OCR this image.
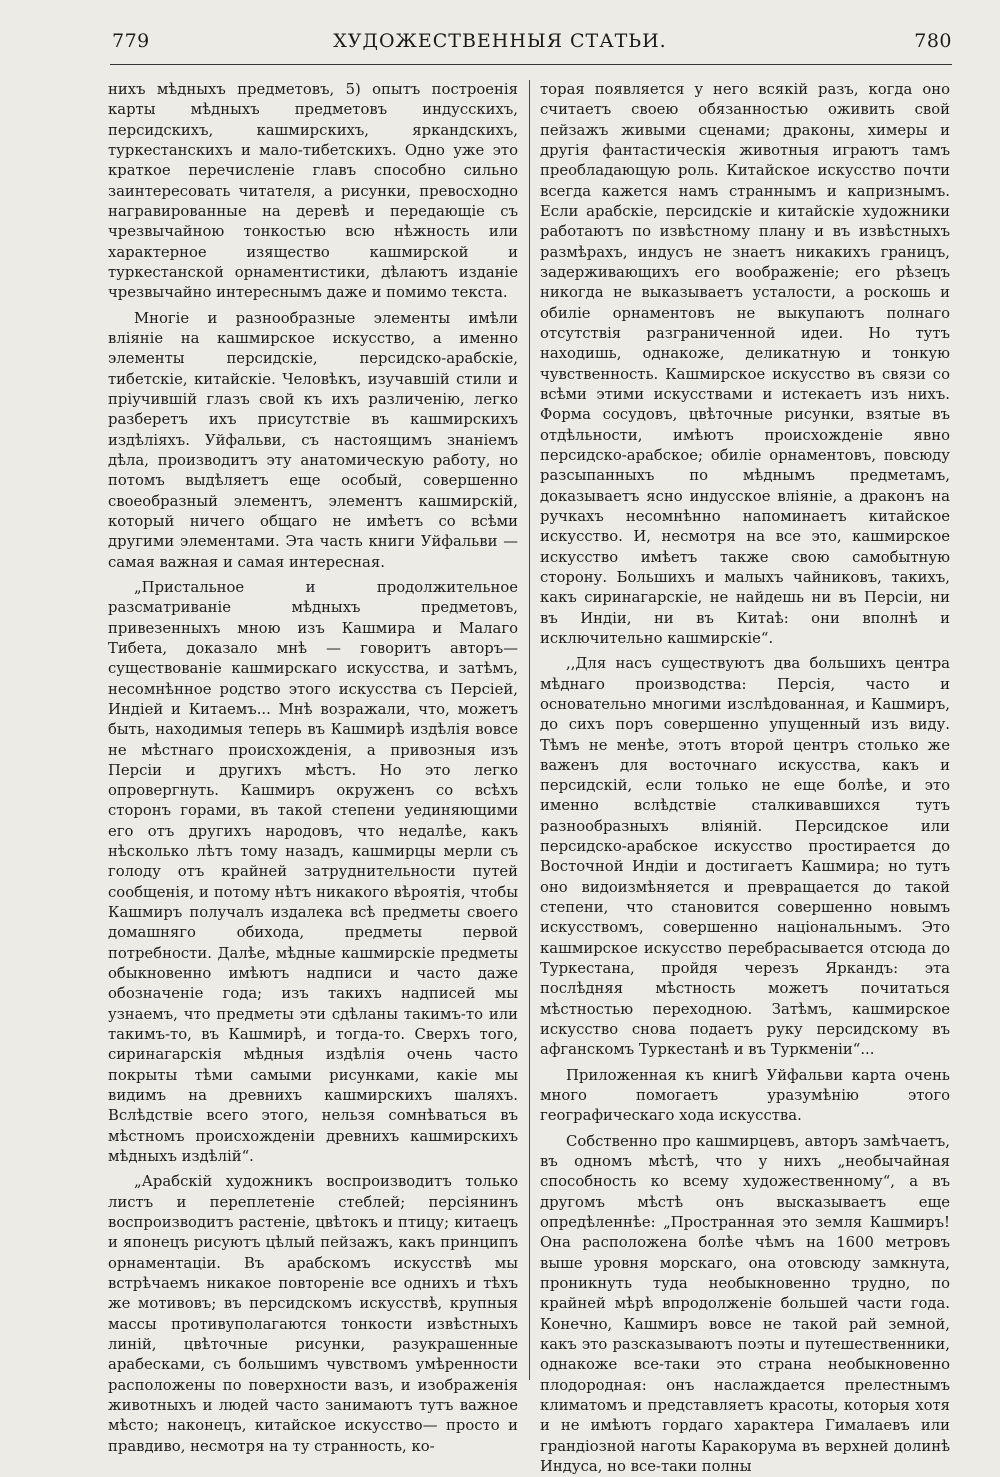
779	ХУДОЖЕСТВЕННЫЯ СТАТЬИ.	780

нихъ мѣдныхъ предметовъ, 5) опытъ построенія карты мѣдныхъ предметовъ индусскихъ, персидскихъ, кашмирскихъ, яркандскихъ, туркестанскихъ и мало-тибетскихъ. Одно уже это краткое перечисленіе главъ способно сильно заинтересовать читателя, а рисунки, превосходно награвированные на деревѣ и передающіе съ чрезвычайною тонкостью всю нѣжность или характерное изящество кашмирской и туркестанской орнаментистики, дѣлаютъ изданіе чрезвычайно интереснымъ даже и помимо текста.

Многіе и разнообразные элементы имѣли вліяніе на кашмирское искусство, а именно элементы персидскіе, персидско-арабскіе, тибетскіе, китайскіе. Человѣкъ, изучавшій стили и пріучившій глазъ свой къ ихъ различенію, легко разберетъ ихъ присутствіе въ кашмирскихъ издѣліяхъ. Уйфальви, съ настоящимъ знаніемъ дѣла, производитъ эту анатомическую работу, но потомъ выдѣляетъ еще особый, совершенно своеобразный элементъ, элементъ кашмирскій, который ничего общаго не имѣетъ со всѣми другими элементами. Эта часть книги Уйфальви — самая важная и самая интересная.

„Пристальное и продолжительное разсматриваніе мѣдныхъ предметовъ, привезенныхъ мною изъ Кашмира и Малаго Тибета, доказало мнѣ — говоритъ авторъ—существованіе кашмирскаго искусства, и затѣмъ, несомнѣнное родство этого искусства съ Персіей, Индіей и Китаемъ... Мнѣ возражали, что, можетъ быть, находимыя теперь въ Кашмирѣ издѣлія вовсе не мѣстнаго происхожденія, а привозныя изъ Персіи и другихъ мѣстъ. Но это легко опровергнуть. Кашмиръ окруженъ со всѣхъ сторонъ горами, въ такой степени уединяющими его отъ другихъ народовъ, что недалѣе, какъ нѣсколько лѣтъ тому назадъ, кашмирцы мерли съ голоду отъ крайней затруднительности путей сообщенія, и потому нѣтъ никакого вѣроятія, чтобы Кашмиръ получалъ издалека всѣ предметы своего домашняго обихода, предметы первой потребности. Далѣе, мѣдные кашмирскіе предметы обыкновенно имѣютъ надписи и часто даже обозначеніе года; изъ такихъ надписей мы узнаемъ, что предметы эти сдѣланы такимъ-то или такимъ-то, въ Кашмирѣ, и тогда-то. Сверхъ того, сиринагарскія мѣдныя издѣлія очень часто покрыты тѣми самыми рисунками, какіе мы видимъ на древнихъ кашмирскихъ шаляхъ. Вслѣдствіе всего этого, нельзя сомнѣваться въ мѣстномъ происхожденіи древнихъ кашмирскихъ мѣдныхъ издѣлій“.

„Арабскій художникъ воспроизводитъ только листъ и переплетеніе стеблей; персіянинъ воспроизводитъ растеніе, цвѣтокъ и птицу; китаецъ и японецъ рисуютъ цѣлый пейзажъ, какъ принципъ орнаментаціи. Въ арабскомъ искусствѣ мы встрѣчаемъ никакое повтореніе все однихъ и тѣхъ же мотивовъ; въ персидскомъ искусствѣ, крупныя массы противуполагаются тонкости извѣстныхъ линій, цвѣточные рисунки, разукрашенные арабесками, съ большимъ чувствомъ умѣренности расположены по поверхности вазъ, и изображенія животныхъ и людей часто занимаютъ тутъ важное мѣсто; наконецъ, китайское искусство— просто и правдиво, несмотря на ту странность, ко-

торая появляется у него всякій разъ, когда оно считаетъ своею обязанностью оживить свой пейзажъ живыми сценами; драконы, химеры и другія фантастическія животныя играютъ тамъ преобладающую роль. Китайское искусство почти всегда кажется намъ страннымъ и капризнымъ. Если арабскіе, персидскіе и китайскіе художники работаютъ по извѣстному плану и въ извѣстныхъ размѣрахъ, индусъ не знаетъ никакихъ границъ, задерживающихъ его воображеніе; его рѣзецъ никогда не выказываетъ усталости, а роскошь и обиліе орнаментовъ не выкупаютъ полнаго отсутствія разграниченной идеи. Но тутъ находишь, однакоже, деликатную и тонкую чувственность. Кашмирское искусство въ связи со всѣми этими искусствами и истекаетъ изъ нихъ. Форма сосудовъ, цвѣточные рисунки, взятые въ отдѣльности, имѣютъ происхожденіе явно персидско-арабское; обиліе орнаментовъ, повсюду разсыпанныхъ по мѣднымъ предметамъ, доказываетъ ясно индусское вліяніе, а драконъ на ручкахъ несомнѣнно напоминаетъ китайское искусство. И, несмотря на все это, кашмирское искусство имѣетъ также свою самобытную сторону. Большихъ и малыхъ чайниковъ, такихъ, какъ сиринагарскіе, не найдешь ни въ Персіи, ни въ Индіи, ни въ Китаѣ: они вполнѣ и исключительно кашмирскіе“.

,,Для насъ существуютъ два большихъ центра мѣднаго производства: Персія, часто и основательно многими изслѣдованная, и Кашмиръ, до сихъ поръ совершенно упущенный изъ виду. Тѣмъ не менѣе, этотъ второй центръ столько же важенъ для восточнаго искусства, какъ и персидскій, если только не еще болѣе, и это именно вслѣдствіе сталкивавшихся тутъ разнообразныхъ вліяній. Персидское или персидско-арабское искусство простирается до Восточной Индіи и достигаетъ Кашмира; но тутъ оно видоизмѣняется и превращается до такой степени, что становится совершенно новымъ искусствомъ, совершенно національнымъ. Это кашмирское искусство перебрасывается отсюда до Туркестана, пройдя черезъ Яркандъ: эта послѣдняя мѣстность можетъ почитаться мѣстностью переходною. Затѣмъ, кашмирское искусство снова подаетъ руку персидскому въ афганскомъ Туркестанѣ и въ Туркменіи“...

Приложенная къ книгѣ Уйфальви карта очень много помогаетъ уразумѣнію этого географическаго хода искусства.

Собственно про кашмирцевъ, авторъ замѣчаетъ, въ одномъ мѣстѣ, что у нихъ „необычайная способность ко всему художественному“, а въ другомъ мѣстѣ онъ высказываетъ еще опредѣленнѣе: „Пространная это земля Кашмиръ! Она расположена болѣе чѣмъ на 1600 метровъ выше уровня морскаго, она отовсюду замкнута, проникнуть туда необыкновенно трудно, по крайней мѣрѣ впродолженіе большей части года. Конечно, Кашмиръ вовсе не такой рай земной, какъ это разсказываютъ поэты и путешественники, однакоже все-таки это страна необыкновенно плодородная: онъ наслаждается прелестнымъ климатомъ и представляетъ красоты, которыя хотя и не имѣютъ гордаго характера Гималаевъ или грандіозной наготы Каракорума въ верхней долинѣ Индуса, но все-таки полны
